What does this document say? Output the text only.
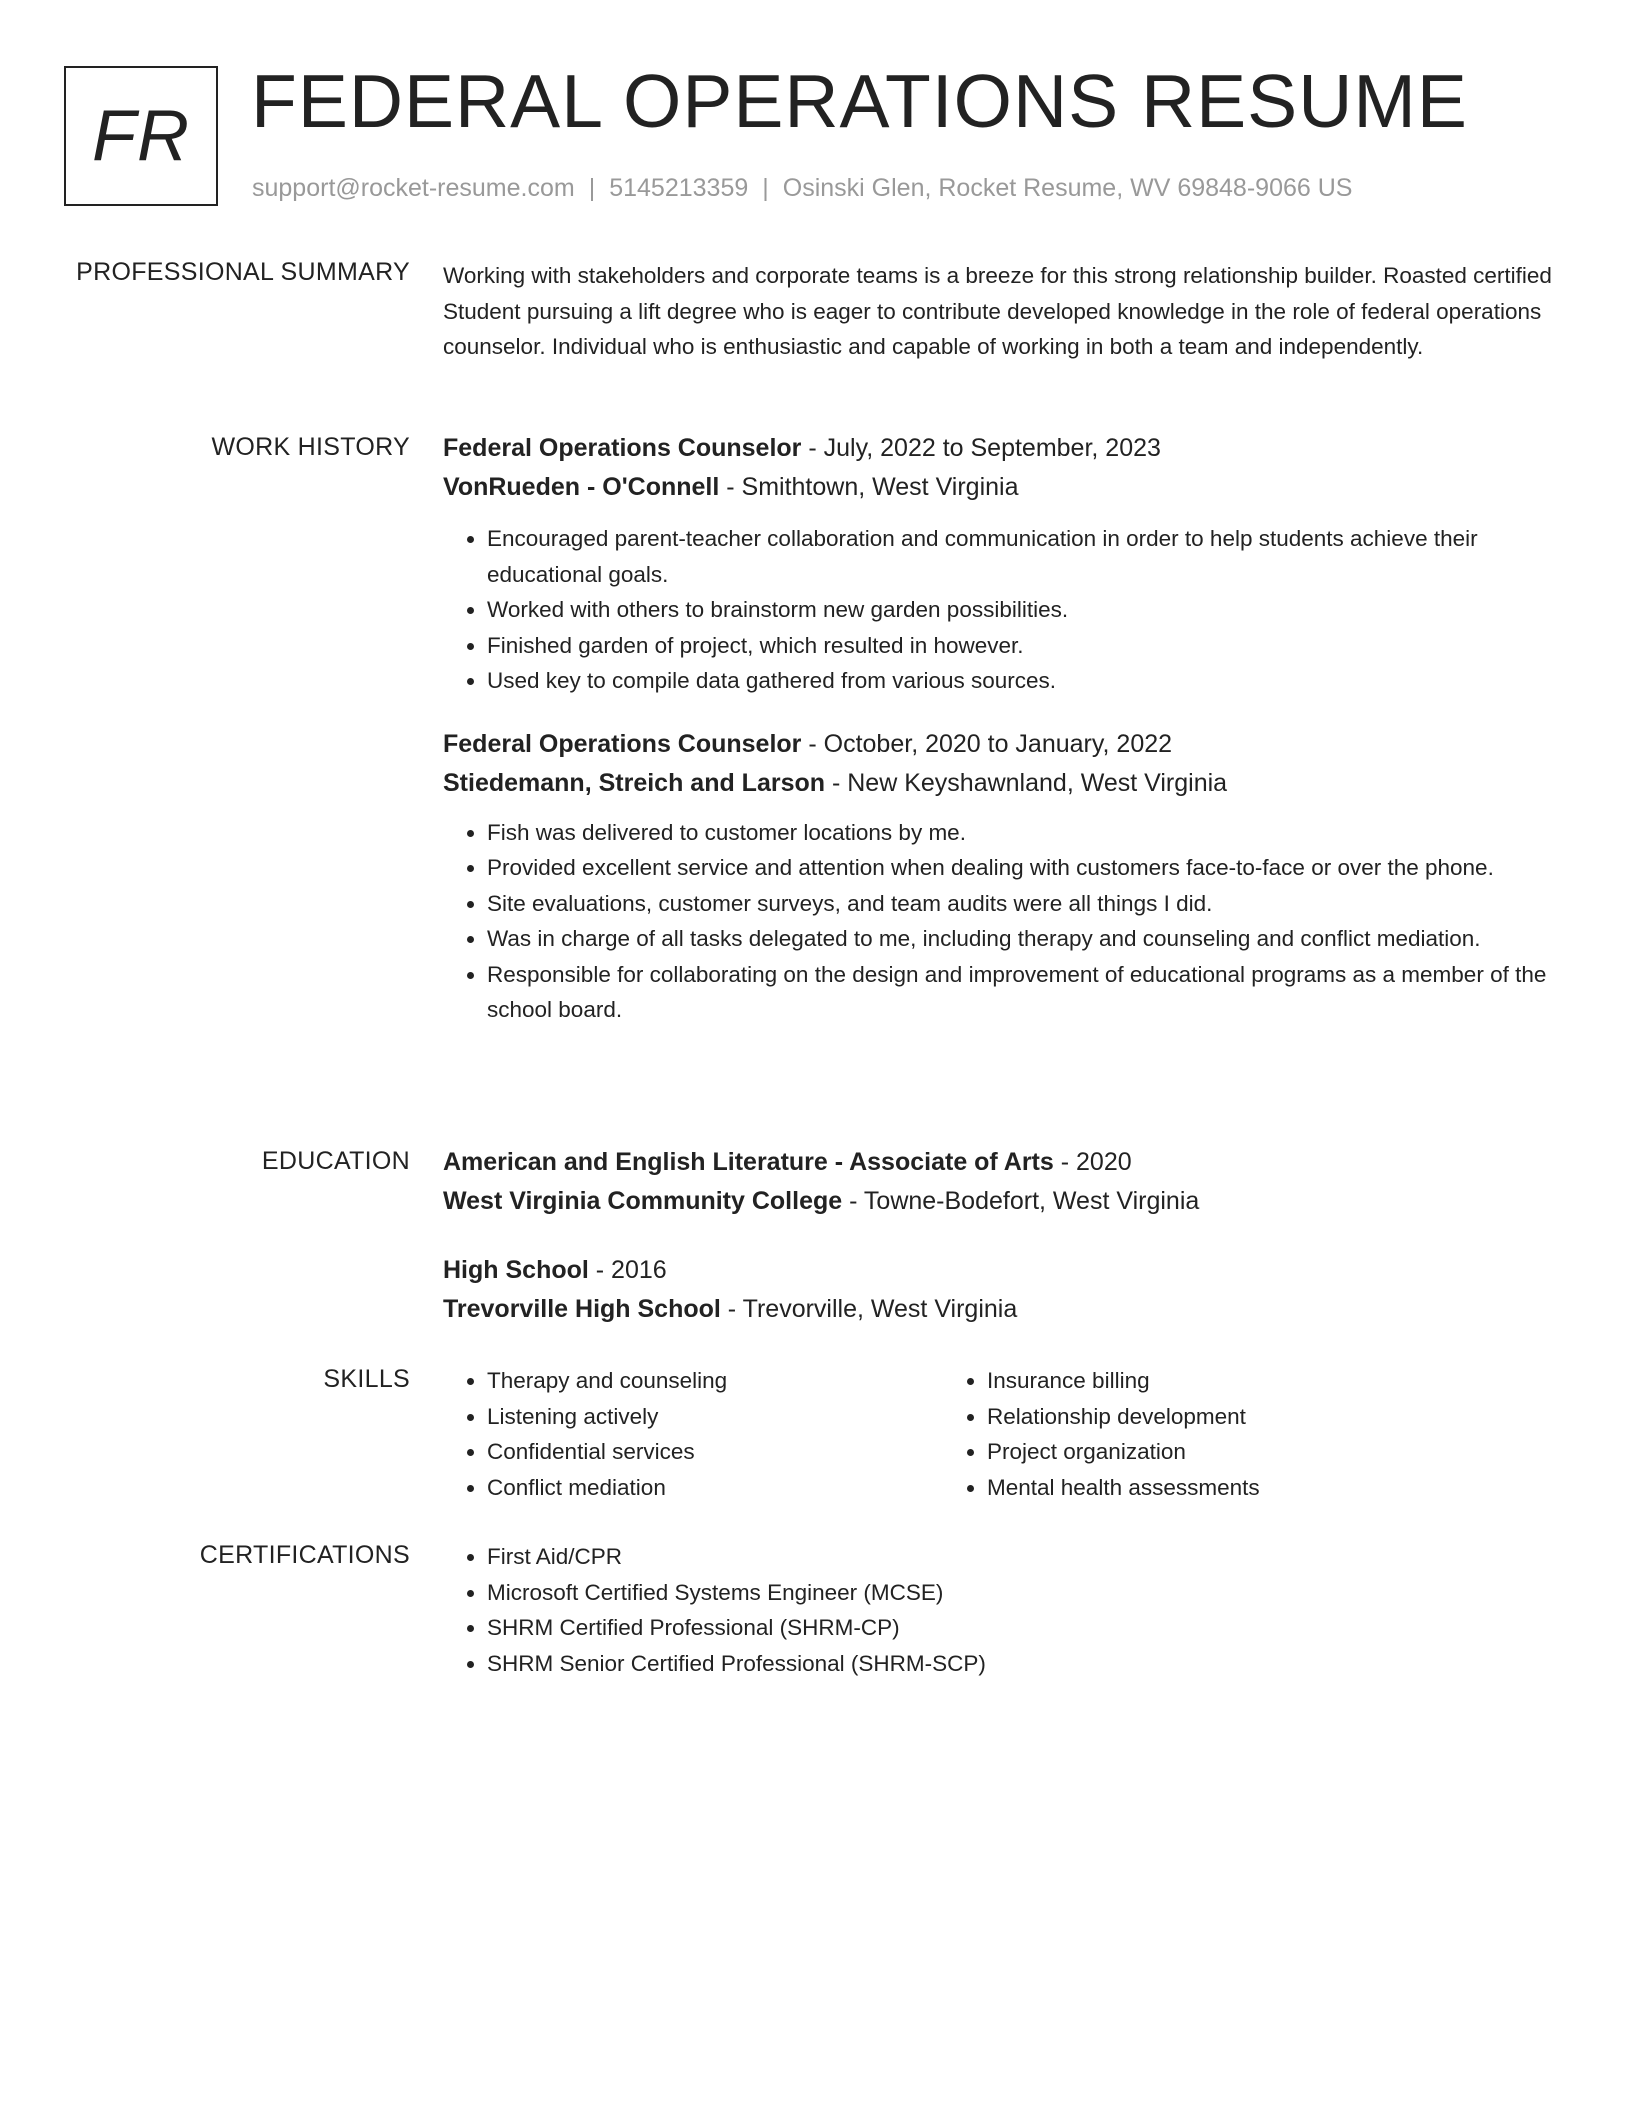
FR FEDERAL OPERATIONS RESUME
support@rocket-resume.com | 5145213359 | Osinski Glen, Rocket Resume, WV 69848-9066 US
PROFESSIONAL SUMMARY Working with stakeholders and corporate teams is a breeze for this strong relationship builder. Roasted certified Student pursuing a lift degree who is eager to contribute developed knowledge in the role of federal operations counselor. Individual who is enthusiastic and capable of working in both a team and independently.

WORK HISTORY Federal Operations Counselor - July, 2022 to September, 2023
VonRueden - O'Connell - Smithtown, West Virginia
• Encouraged parent-teacher collaboration and communication in order to help students achieve their educational goals.
• Worked with others to brainstorm new garden possibilities.
• Finished garden of project, which resulted in however.
• Used key to compile data gathered from various sources.
Federal Operations Counselor - October, 2020 to January, 2022
Stiedemann, Streich and Larson - New Keyshawnland, West Virginia
• Fish was delivered to customer locations by me.
• Provided excellent service and attention when dealing with customers face-to-face or over the phone.
• Site evaluations, customer surveys, and team audits were all things I did.
• Was in charge of all tasks delegated to me, including therapy and counseling and conflict mediation.
• Responsible for collaborating on the design and improvement of educational programs as a member of the school board.
EDUCATION American and English Literature - Associate of Arts - 2020
West Virginia Community College - Towne-Bodefort, West Virginia
High School - 2016
Trevorville High School - Trevorville, West Virginia
SKILLS	• Therapy and counseling
• Listening actively
• Confidential services
• Conflict mediation
• Insurance billing
• Relationship development
• Project organization
• Mental health assessments
CERTIFICATIONS	• First Aid/CPR
• Microsoft Certified Systems Engineer (MCSE)
• SHRM Certified Professional (SHRM-CP)
• SHRM Senior Certified Professional (SHRM-SCP)
